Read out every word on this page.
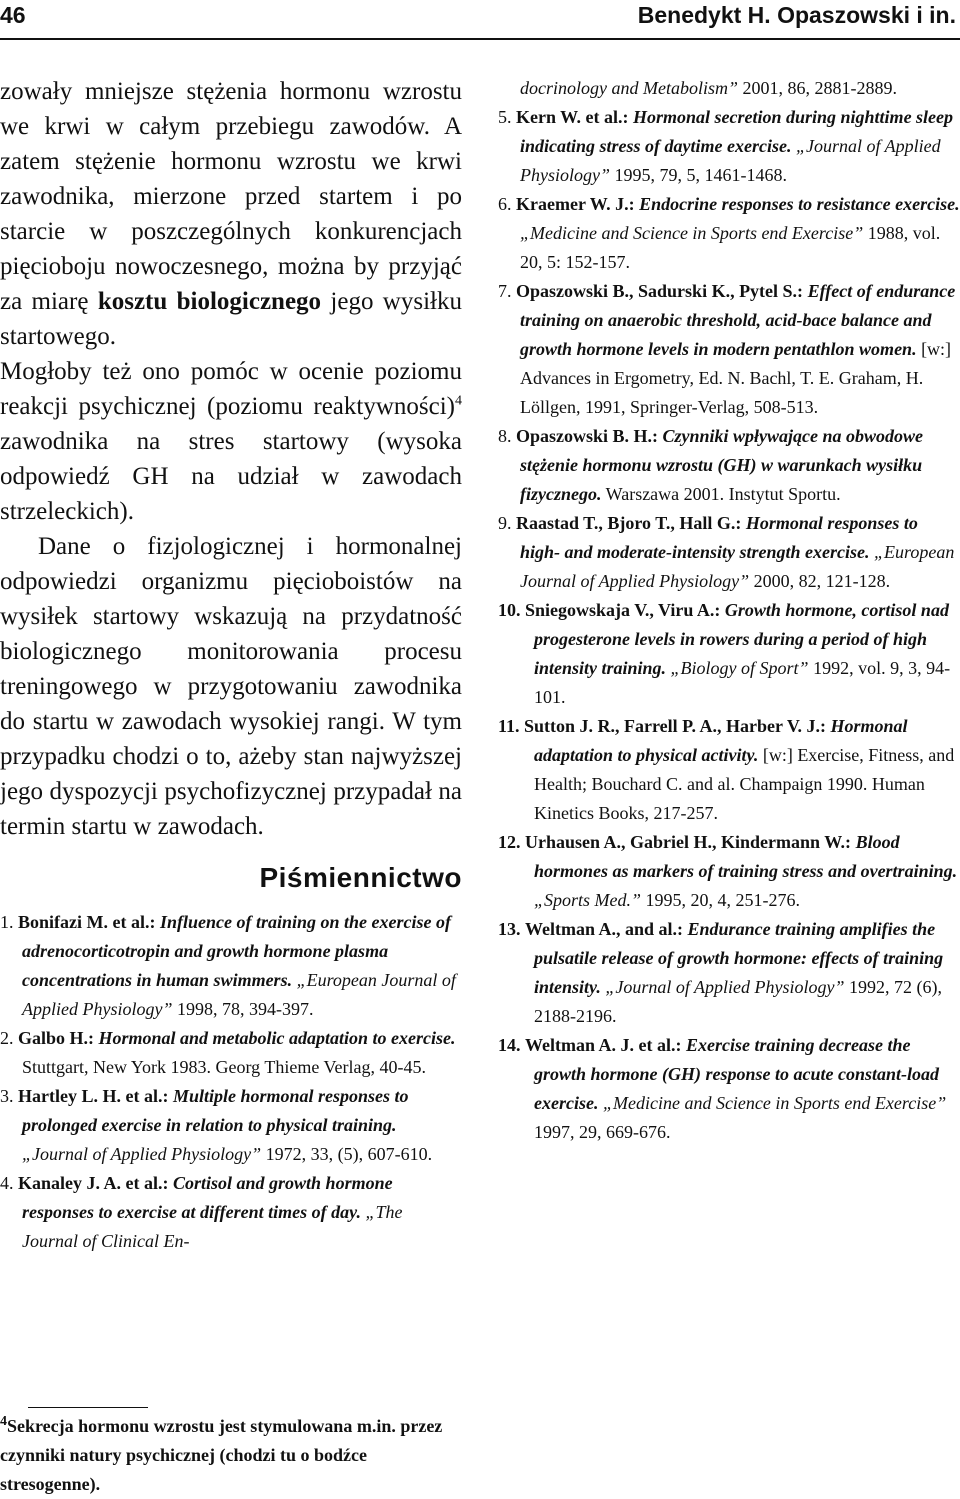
46	Benedykt H. Opaszowski i in.

zowały mniejsze stężenia hormonu wzrostu we krwi w całym przebiegu zawodów. A zatem stężenie hormonu wzrostu we krwi zawodnika, mierzone przed startem i po starcie w poszczególnych konkurencjach pięcioboju nowoczesnego, można by przyjąć za miarę kosztu biologicznego jego wysiłku startowego.

Mogłoby też ono pomóc w ocenie poziomu reakcji psychicznej (poziomu reaktywności)$^4$ zawodnika na stres startowy (wysoka odpowiedź GH na udział w zawodach strzeleckich).

Dane o fizjologicznej i hormonalnej odpowiedzi organizmu pięcioboistów na wysiłek startowy wskazują na przydatność biologicznego monitorowania procesu treningowego w przygotowaniu zawodnika do startu w zawodach wysokiej rangi. W tym przypadku chodzi o to, ażeby stan najwyższej jego dyspozycji psychofizycznej przypadał na termin startu w zawodach.

Piśmiennictwo
1. Bonifazi M. et al.: Influence of training on the exercise of adrenocorticotropin and growth hormone plasma concentrations in human swimmers. „European Journal of Applied Physiology” 1998, 78, 394-397.
2. Galbo H.: Hormonal and metabolic adaptation to exercise. Stuttgart, New York 1983. Georg Thieme Verlag, 40-45.
3. Hartley L. H. et al.: Multiple hormonal responses to prolonged exercise in relation to physical training. „Journal of Applied Physiology” 1972, 33, (5), 607-610.
4. Kanaley J. A. et al.: Cortisol and growth hormone responses to exercise at different times of day. „The Journal of Clinical En-
$^4$Sekrecja hormonu wzrostu jest stymulowana m.in. przez czynniki natury psychicznej (chodzi tu o bodźce stresogenne).
docrinology and Metabolism” 2001, 86, 2881-2889.
5. Kern W. et al.: Hormonal secretion during nighttime sleep indicating stress of daytime exercise. „Journal of Applied Physiology” 1995, 79, 5, 1461-1468.
6. Kraemer W. J.: Endocrine responses to resistance exercise. „Medicine and Science in Sports end Exercise” 1988, vol. 20, 5: 152-157.
7. Opaszowski B., Sadurski K., Pytel S.: Effect of endurance training on anaerobic threshold, acid-bace balance and growth hormone levels in modern pentathlon women. [w:] Advances in Ergometry, Ed. N. Bachl, T. E. Graham, H. Löllgen, 1991, Springer-Verlag, 508-513.
8. Opaszowski B. H.: Czynniki wpływające na obwodowe stężenie hormonu wzrostu (GH) w warunkach wysiłku fizycznego. Warszawa 2001. Instytut Sportu.
9. Raastad T., Bjoro T., Hall G.: Hormonal responses to high- and moderate-intensity strength exercise. „European Journal of Applied Physiology” 2000, 82, 121-128.
10. Sniegowskaja V., Viru A.: Growth hormone, cortisol nad progesterone levels in rowers during a period of high intensity training. „Biology of Sport” 1992, vol. 9, 3, 94-101.
11. Sutton J. R., Farrell P. A., Harber V. J.: Hormonal adaptation to physical activity. [w:] Exercise, Fitness, and Health; Bouchard C. and al. Champaign 1990. Human Kinetics Books, 217-257.
12. Urhausen A., Gabriel H., Kindermann W.: Blood hormones as markers of training stress and overtraining. „Sports Med.” 1995, 20, 4, 251-276.
13. Weltman A., and al.: Endurance training amplifies the pulsatile release of growth hormone: effects of training intensity. „Journal of Applied Physiology” 1992, 72 (6), 2188-2196.
14. Weltman A. J. et al.: Exercise training decrease the growth hormone (GH) response to acute constant-load exercise. „Medicine and Science in Sports end Exercise” 1997, 29, 669-676.
